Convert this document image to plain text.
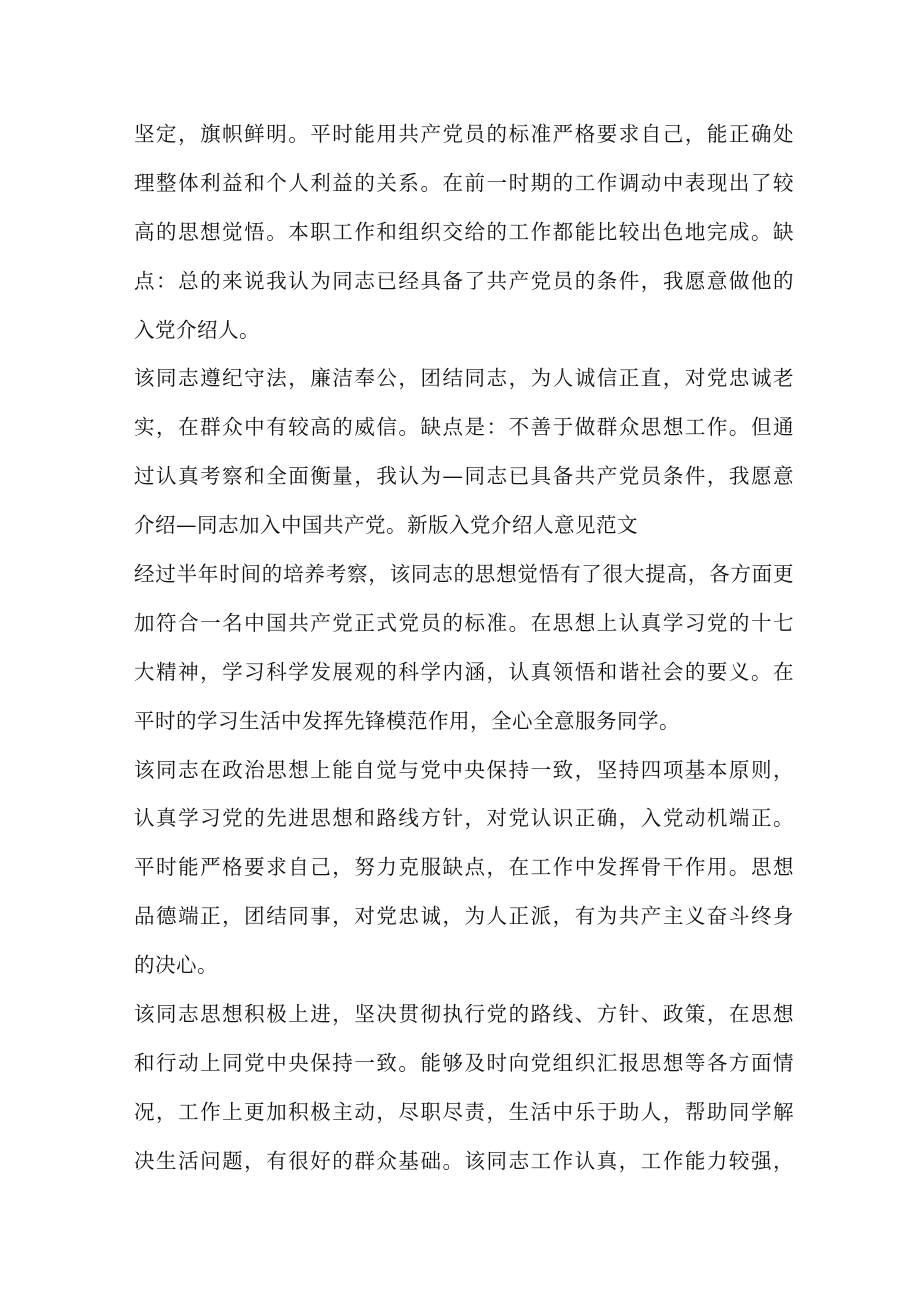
坚定，旗帜鲜明。平时能用共产党员的标准严格要求自己，能正确处
理整体利益和个人利益的关系。在前一时期的工作调动中表现出了较
高的思想觉悟。本职工作和组织交给的工作都能比较出色地完成。缺
点：总的来说我认为同志已经具备了共产党员的条件，我愿意做他的
入党介绍人。
该同志遵纪守法，廉洁奉公，团结同志，为人诚信正直，对党忠诚老
实，在群众中有较高的威信。缺点是：不善于做群众思想工作。但通
过认真考察和全面衡量，我认为—同志已具备共产党员条件，我愿意
介绍—同志加入中国共产党。新版入党介绍人意见范文
经过半年时间的培养考察，该同志的思想觉悟有了很大提高，各方面更
加符合一名中国共产党正式党员的标准。在思想上认真学习党的十七
大精神，学习科学发展观的科学内涵，认真领悟和谐社会的要义。在
平时的学习生活中发挥先锋模范作用，全心全意服务同学。
该同志在政治思想上能自觉与党中央保持一致，坚持四项基本原则，
认真学习党的先进思想和路线方针，对党认识正确，入党动机端正。
平时能严格要求自己，努力克服缺点，在工作中发挥骨干作用。思想
品德端正，团结同事，对党忠诚，为人正派，有为共产主义奋斗终身
的决心。
该同志思想积极上进，坚决贯彻执行党的路线、方针、政策，在思想
和行动上同党中央保持一致。能够及时向党组织汇报思想等各方面情
况，工作上更加积极主动，尽职尽责，生活中乐于助人，帮助同学解
决生活问题，有很好的群众基础。该同志工作认真，工作能力较强，
